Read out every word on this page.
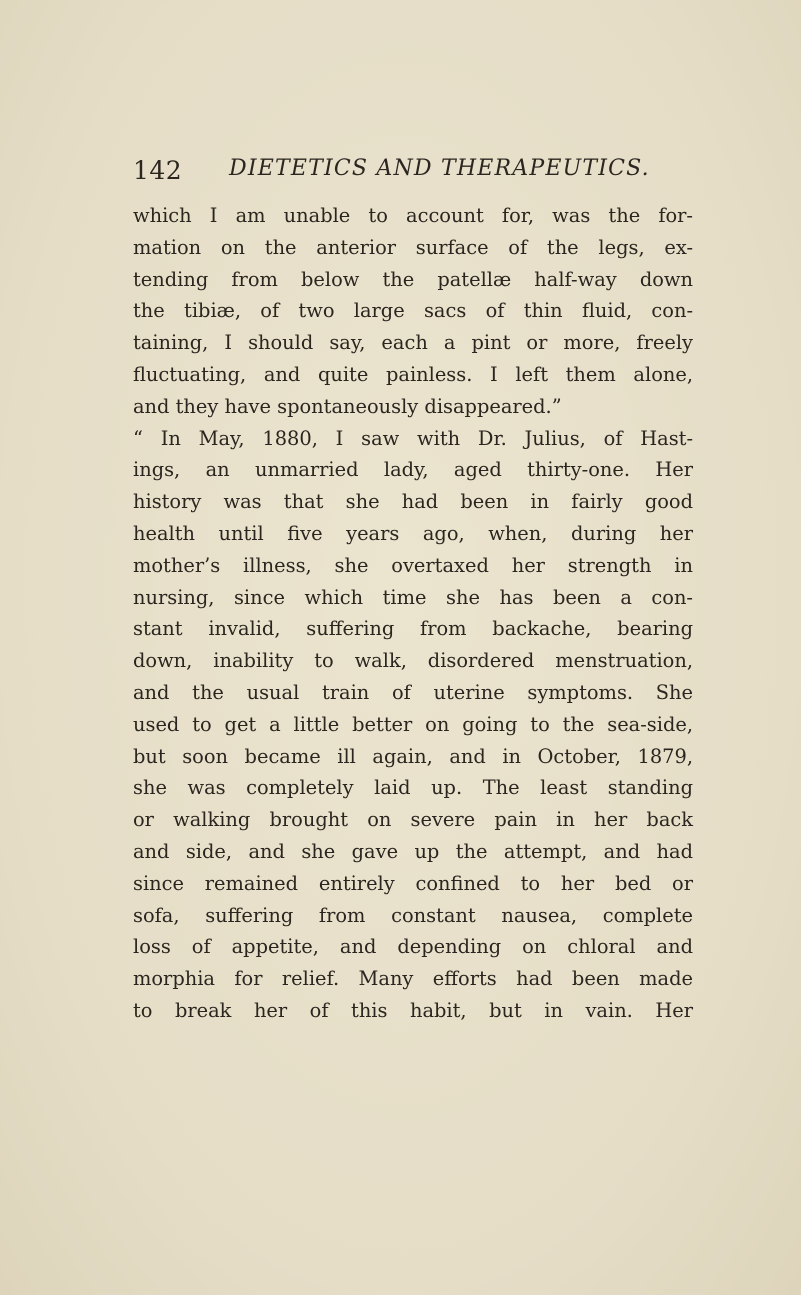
142 DIETETICS AND THERAPEUTICS.
which I am unable to account for, was the for-
mation on the anterior surface of the legs, ex-
tending from below the patellæ half-way down
the tibiæ, of two large sacs of thin fluid, con-
taining, I should say, each a pint or more, freely
fluctuating, and quite painless. I left them alone,
and they have spontaneously disappeared.”
“ In May, 1880, I saw with Dr. Julius, of Hast-
ings, an unmarried lady, aged thirty-one. Her
history was that she had been in fairly good
health until five years ago, when, during her
mother’s illness, she overtaxed her strength in
nursing, since which time she has been a con-
stant invalid, suffering from backache, bearing
down, inability to walk, disordered menstruation,
and the usual train of uterine symptoms. She
used to get a little better on going to the sea-side,
but soon became ill again, and in October, 1879,
she was completely laid up. The least standing
or walking brought on severe pain in her back
and side, and she gave up the attempt, and had
since remained entirely confined to her bed or
sofa, suffering from constant nausea, complete
loss of appetite, and depending on chloral and
morphia for relief. Many efforts had been made
to break her of this habit, but in vain. Her
